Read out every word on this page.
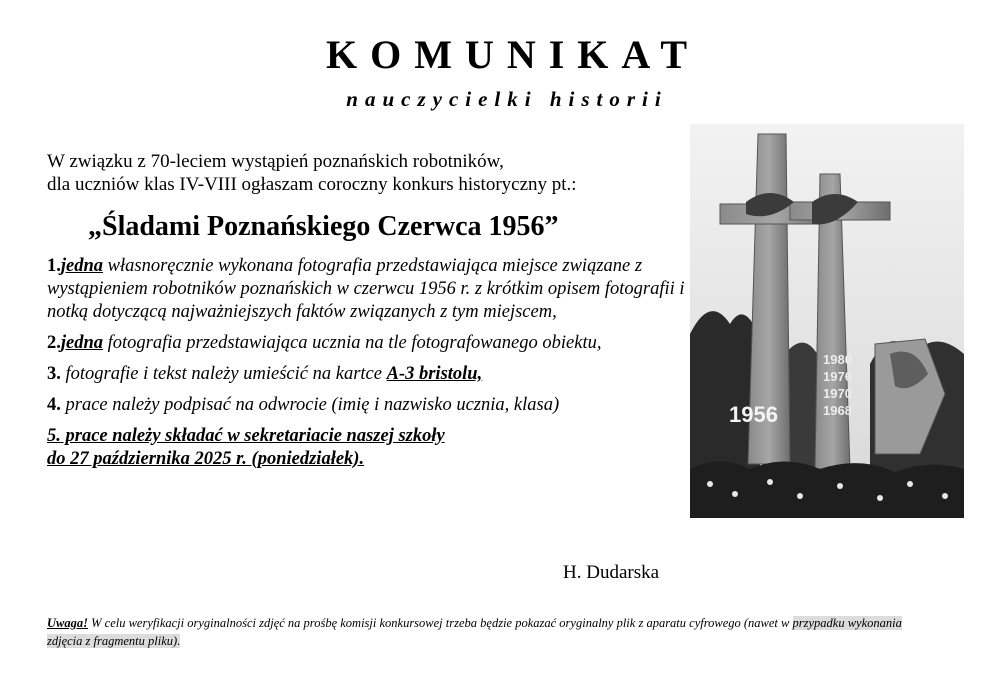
KOMUNIKAT
nauczycielki historii
W związku z 70-leciem wystąpień poznańskich robotników,
dla uczniów klas IV-VIII ogłaszam coroczny konkurs historyczny pt.:
„Śladami Poznańskiego Czerwca 1956”
1.jedna własnoręcznie wykonana fotografia przedstawiająca miejsce związane z wystąpieniem robotników poznańskich w czerwcu 1956 r. z krótkim opisem fotografii i notką dotyczącą najważniejszych faktów związanych z tym miejscem,
2.jedna fotografia przedstawiająca ucznia na tle fotografowanego obiektu,
3. fotografie i tekst należy umieścić na kartce A-3 bristolu,
4. prace należy podpisać na odwrocie (imię i nazwisko ucznia, klasa)
5. prace należy składać w sekretariacie naszej szkoły
do 27 października 2025 r. (poniedziałek).
1956
1980
1976
1970
1968
H. Dudarska
Uwaga! W celu weryfikacji oryginalności zdjęć na prośbę komisji konkursowej trzeba będzie pokazać oryginalny plik z aparatu cyfrowego (nawet w przypadku wykonania zdjęcia z fragmentu pliku).
